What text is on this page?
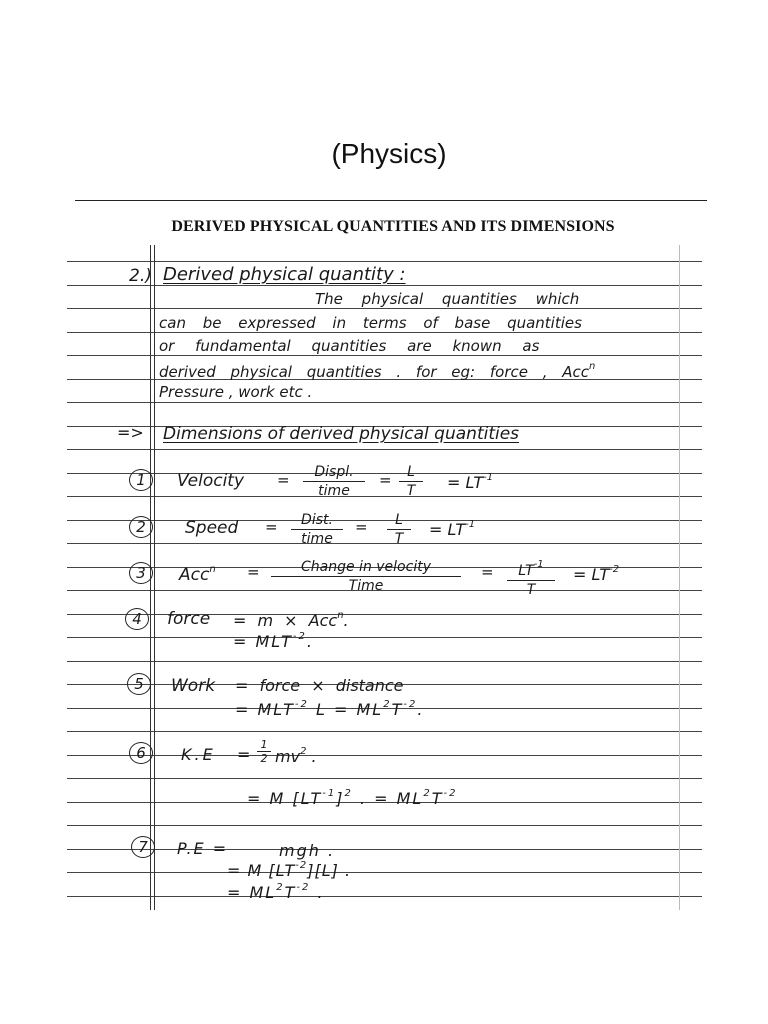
(Physics)
DERIVED PHYSICAL QUANTITIES AND ITS DIMENSIONS
2.) Derived physical quantity :
The physical quantities which
can be expressed in terms of base quantities
or fundamental quantities are known as
derived physical quantities . for eg: force , Acc$^n$
Pressure , work etc .
=> Dimensions of derived physical quantities
1	Velocity =	Displ.
time
= $\frac{L}{T} = LT^{-1}$
2	Speed =	Dist.
time
= $\frac{L}{T} = LT^{-1}$
3	Acc$^n$ =	Change in velocity
Time
= $\frac{LT^{-1}}{T} = LT^{-2}$
4	force = m × Acc$^n$.
= $MLT^{-2}$.
5	Work = force × distance
= $MLT^{-2}$ $L = ML^2T^{-2}$.
6	$K.E = \frac{1}{2} mv^2$ .
= M $[LT^{-1}]^2$ . = $ML^2T^{-2}$
7	P.E =	mgh .
= M $[LT^{-2}][L]$ .
= $ML^2T^{-2}$ .
